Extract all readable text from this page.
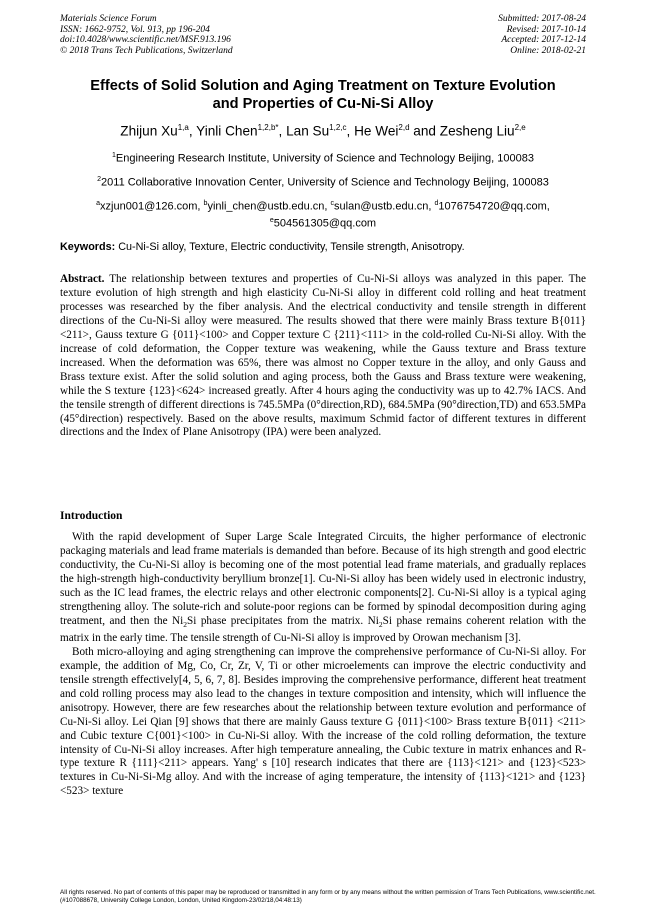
Materials Science Forum
ISSN: 1662-9752, Vol. 913, pp 196-204
doi:10.4028/www.scientific.net/MSF.913.196
© 2018 Trans Tech Publications, Switzerland
Submitted: 2017-08-24
Revised: 2017-10-14
Accepted: 2017-12-14
Online: 2018-02-21
Effects of Solid Solution and Aging Treatment on Texture Evolution
and Properties of Cu-Ni-Si Alloy
Zhijun Xu$^{1,a}$, Yinli Chen$^{1,2,b*}$, Lan Su$^{1,2,c}$, He Wei$^{2,d}$ and Zesheng Liu$^{2,e}$
$^1$Engineering Research Institute, University of Science and Technology Beijing, 100083
$^2$2011 Collaborative Innovation Center, University of Science and Technology Beijing, 100083
$^a$xzjun001@126.com, $^b$yinli_chen@ustb.edu.cn, $^c$sulan@ustb.edu.cn, $^d$1076754720@qq.com,
$^e$504561305@qq.com
Keywords: Cu-Ni-Si alloy, Texture, Electric conductivity, Tensile strength, Anisotropy.
Abstract. The relationship between textures and properties of Cu-Ni-Si alloys was analyzed in this paper. The texture evolution of high strength and high elasticity Cu-Ni-Si alloy in different cold rolling and heat treatment processes was researched by the fiber analysis. And the electrical conductivity and tensile strength in different directions of the Cu-Ni-Si alloy were measured. The results showed that there were mainly Brass texture B{011}<211>, Gauss texture G {011}<100> and Copper texture C {211}<111> in the cold-rolled Cu-Ni-Si alloy. With the increase of cold deformation, the Copper texture was weakening, while the Gauss texture and Brass texture increased. When the deformation was 65%, there was almost no Copper texture in the alloy, and only Gauss and Brass texture exist. After the solid solution and aging process, both the Gauss and Brass texture were weakening, while the S texture {123}<624> increased greatly. After 4 hours aging the conductivity was up to 42.7% IACS. And the tensile strength of different directions is 745.5MPa (0°direction,RD), 684.5MPa (90°direction,TD) and 653.5MPa (45°direction) respectively. Based on the above results, maximum Schmid factor of different textures in different directions and the Index of Plane Anisotropy (IPA) were been analyzed.
Introduction

With the rapid development of Super Large Scale Integrated Circuits, the higher performance of electronic packaging materials and lead frame materials is demanded than before. Because of its high strength and good electric conductivity, the Cu-Ni-Si alloy is becoming one of the most potential lead frame materials, and gradually replaces the high-strength high-conductivity beryllium bronze[1]. Cu-Ni-Si alloy has been widely used in electronic industry, such as the IC lead frames, the electric relays and other electronic components[2]. Cu-Ni-Si alloy is a typical aging strengthening alloy. The solute-rich and solute-poor regions can be formed by spinodal decomposition during aging treatment, and then the $Ni_2Si$ phase precipitates from the matrix. $Ni_2Si$ phase remains coherent relation with the matrix in the early time. The tensile strength of Cu-Ni-Si alloy is improved by Orowan mechanism [3].

Both micro-alloying and aging strengthening can improve the comprehensive performance of Cu-Ni-Si alloy. For example, the addition of Mg, Co, Cr, Zr, V, Ti or other microelements can improve the electric conductivity and tensile strength effectively[4, 5, 6, 7, 8]. Besides improving the comprehensive performance, different heat treatment and cold rolling process may also lead to the changes in texture composition and intensity, which will influence the anisotropy. However, there are few researches about the relationship between texture evolution and performance of Cu-Ni-Si alloy. Lei Qian [9] shows that there are mainly Gauss texture G {011}<100> Brass texture B{011} <211> and Cubic texture C{001}<100> in Cu-Ni-Si alloy. With the increase of the cold rolling deformation, the texture intensity of Cu-Ni-Si alloy increases. After high temperature annealing, the Cubic texture in matrix enhances and R-type texture R {111}<211> appears. Yang' s [10] research indicates that there are {113}<121> and {123}<523> textures in Cu-Ni-Si-Mg alloy. And with the increase of aging temperature, the intensity of {113}<121> and {123}<523> texture

All rights reserved. No part of contents of this paper may be reproduced or transmitted in any form or by any means without the written permission of Trans Tech Publications, www.scientific.net. (#107088678, University College London, London, United Kingdom-23/02/18,04:48:13)
